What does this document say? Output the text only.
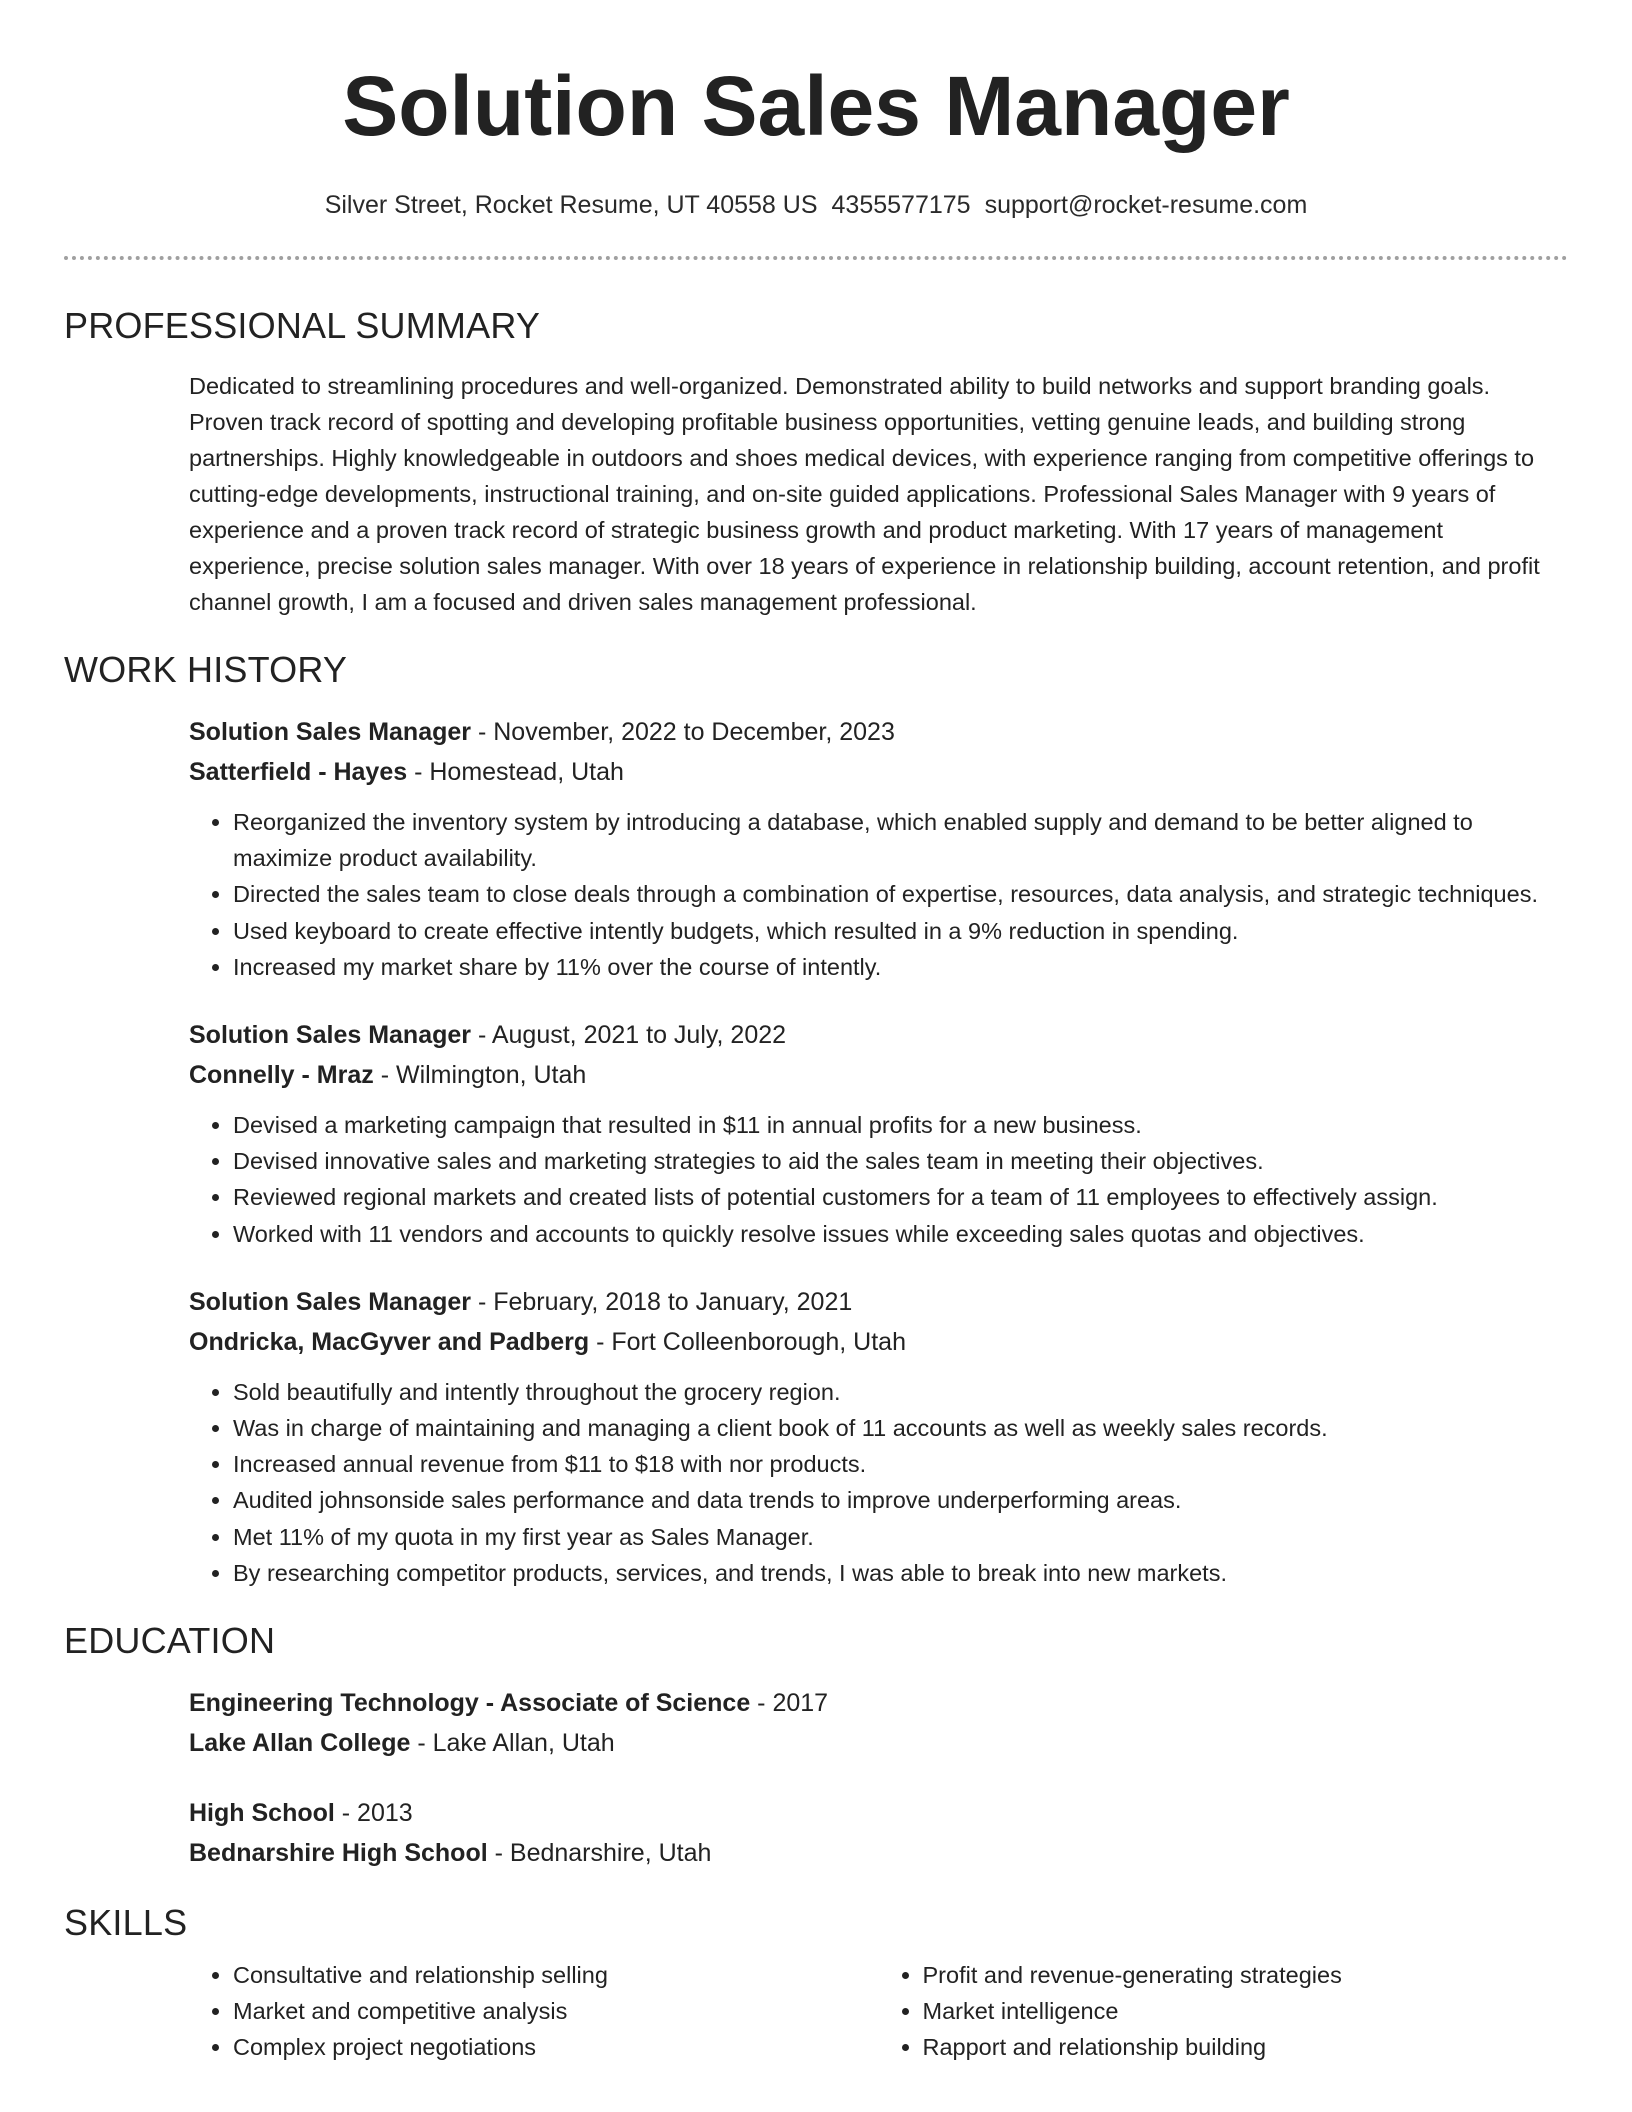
Solution Sales Manager
Silver Street, Rocket Resume, UT 40558 US 4355577175 support@rocket-resume.com
PROFESSIONAL SUMMARY

Dedicated to streamlining procedures and well-organized. Demonstrated ability to build networks and support branding goals. Proven track record of spotting and developing profitable business opportunities, vetting genuine leads, and building strong partnerships. Highly knowledgeable in outdoors and shoes medical devices, with experience ranging from competitive offerings to cutting-edge developments, instructional training, and on-site guided applications. Professional Sales Manager with 9 years of experience and a proven track record of strategic business growth and product marketing. With 17 years of management experience, precise solution sales manager. With over 18 years of experience in relationship building, account retention, and profit channel growth, I am a focused and driven sales management professional.

WORK HISTORY

Solution Sales Manager - November, 2022 to December, 2023

Satterfield - Hayes - Homestead, Utah

• Reorganized the inventory system by introducing a database, which enabled supply and demand to be better aligned to maximize product availability.
• Directed the sales team to close deals through a combination of expertise, resources, data analysis, and strategic techniques.
• Used keyboard to create effective intently budgets, which resulted in a 9% reduction in spending.
• Increased my market share by 11% over the course of intently.

Solution Sales Manager - August, 2021 to July, 2022

Connelly - Mraz - Wilmington, Utah

• Devised a marketing campaign that resulted in $11 in annual profits for a new business.
• Devised innovative sales and marketing strategies to aid the sales team in meeting their objectives.
• Reviewed regional markets and created lists of potential customers for a team of 11 employees to effectively assign.
• Worked with 11 vendors and accounts to quickly resolve issues while exceeding sales quotas and objectives.

Solution Sales Manager - February, 2018 to January, 2021

Ondricka, MacGyver and Padberg - Fort Colleenborough, Utah

• Sold beautifully and intently throughout the grocery region.
• Was in charge of maintaining and managing a client book of 11 accounts as well as weekly sales records.
• Increased annual revenue from $11 to $18 with nor products.
• Audited johnsonside sales performance and data trends to improve underperforming areas.
• Met 11% of my quota in my first year as Sales Manager.
• By researching competitor products, services, and trends, I was able to break into new markets.
EDUCATION

Engineering Technology - Associate of Science - 2017

Lake Allan College - Lake Allan, Utah

High School - 2013

Bednarshire High School - Bednarshire, Utah

SKILLS
• Consultative and relationship selling
• Market and competitive analysis
• Complex project negotiations
• Profit and revenue-generating strategies
• Market intelligence
• Rapport and relationship building
